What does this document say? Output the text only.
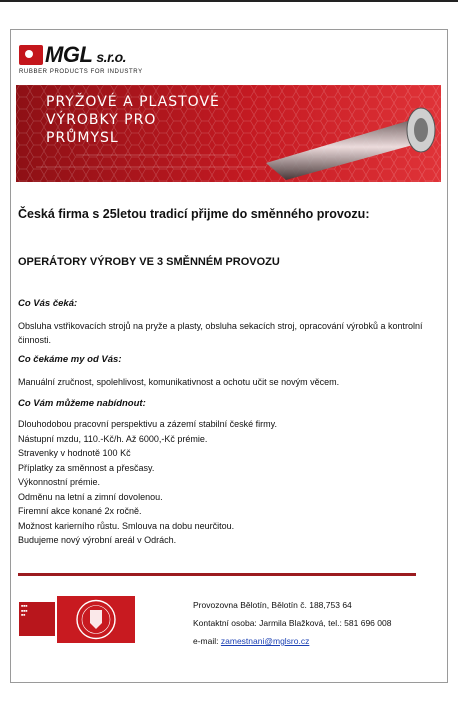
MGL s.r.o.
RUBBER PRODUCTS FOR INDUSTRY
PRYŽOVÉ A PLASTOVÉ
VÝROBKY PRO
PRŮMYSL
Česká firma s 25letou tradicí přijme do směnného provozu:
OPERÁTORY VÝROBY VE 3 SMĚNNÉM PROVOZU
Co Vás čeká:
Obsluha vstřikovacích strojů na pryže a plasty, obsluha sekacích stroj, opracování výrobků a kontrolní činnosti.
Co čekáme my od Vás:
Manuální zručnost, spolehlivost, komunikativnost a ochotu učit se novým věcem.
Co Vám můžeme nabídnout:
Dlouhodobou pracovní perspektivu a zázemí stabilní české firmy.
Nástupní mzdu, 110.-Kč/h. Až 6000,-Kč prémie.
Stravenky v hodnotě 100 Kč
Příplatky za směnnost a přesčasy.
Výkonnostní prémie.
Odměnu na letní a zimní dovolenou.
Firemní akce konané 2x ročně.
Možnost karierního růstu. Smlouva na dobu neurčitou.
Budujeme nový výrobní areál v Odrách.
■■■
■■■
■■
Provozovna Bělotín, Bělotín č. 188,753 64
Kontaktní osoba: Jarmila Blažková, tel.: 581 696 008
e-mail: zamestnani@mglsro.cz
